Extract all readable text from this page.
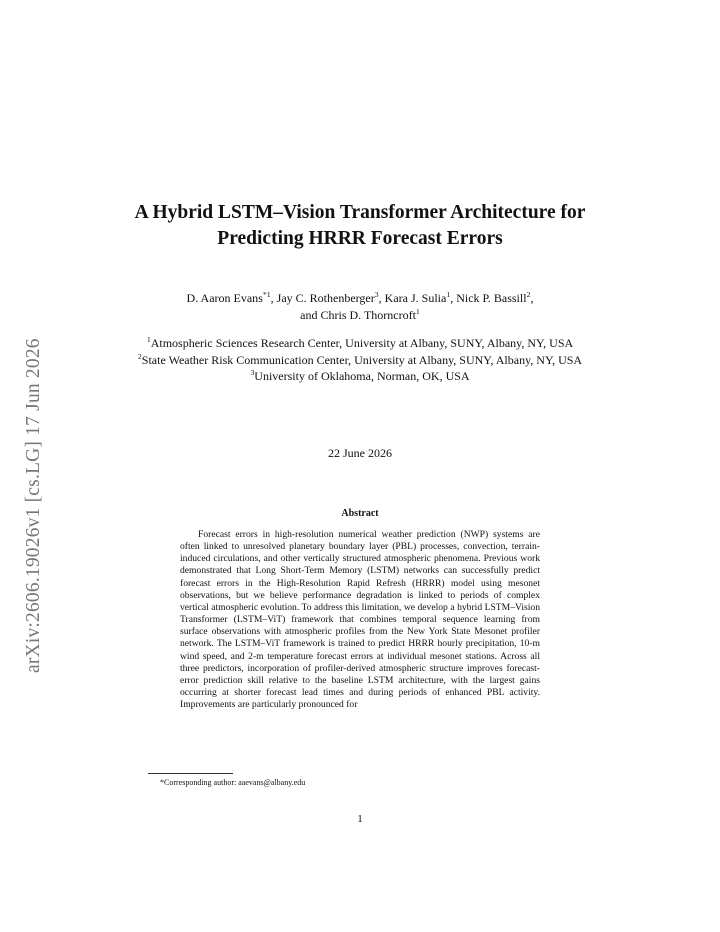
arXiv:2606.19026v1 [cs.LG] 17 Jun 2026
A Hybrid LSTM–Vision Transformer Architecture for Predicting HRRR Forecast Errors
D. Aaron Evans$^{*1}$, Jay C. Rothenberger$^3$, Kara J. Sulia$^1$, Nick P. Bassill$^2$,
and Chris D. Thorncroft$^1$
$^1$Atmospheric Sciences Research Center, University at Albany, SUNY, Albany, NY, USA
$^2$State Weather Risk Communication Center, University at Albany, SUNY, Albany, NY, USA
$^3$University of Oklahoma, Norman, OK, USA
22 June 2026
Abstract
Forecast errors in high-resolution numerical weather prediction (NWP) systems are often linked to unresolved planetary boundary layer (PBL) processes, convection, terrain-induced circulations, and other vertically structured atmospheric phenomena. Previous work demonstrated that Long Short-Term Memory (LSTM) networks can successfully predict forecast errors in the High-Resolution Rapid Refresh (HRRR) model using mesonet observations, but we believe performance degradation is linked to periods of complex vertical atmospheric evolution. To address this limitation, we develop a hybrid LSTM–Vision Transformer (LSTM–ViT) framework that combines temporal sequence learning from surface observations with atmospheric profiles from the New York State Mesonet profiler network. The LSTM–ViT framework is trained to predict HRRR hourly precipitation, 10-m wind speed, and 2-m temperature forecast errors at individual mesonet stations. Across all three predictors, incorporation of profiler-derived atmospheric structure improves forecast-error prediction skill relative to the baseline LSTM architecture, with the largest gains occurring at shorter forecast lead times and during periods of enhanced PBL activity. Improvements are particularly pronounced for
*Corresponding author: aaevans@albany.edu
1
